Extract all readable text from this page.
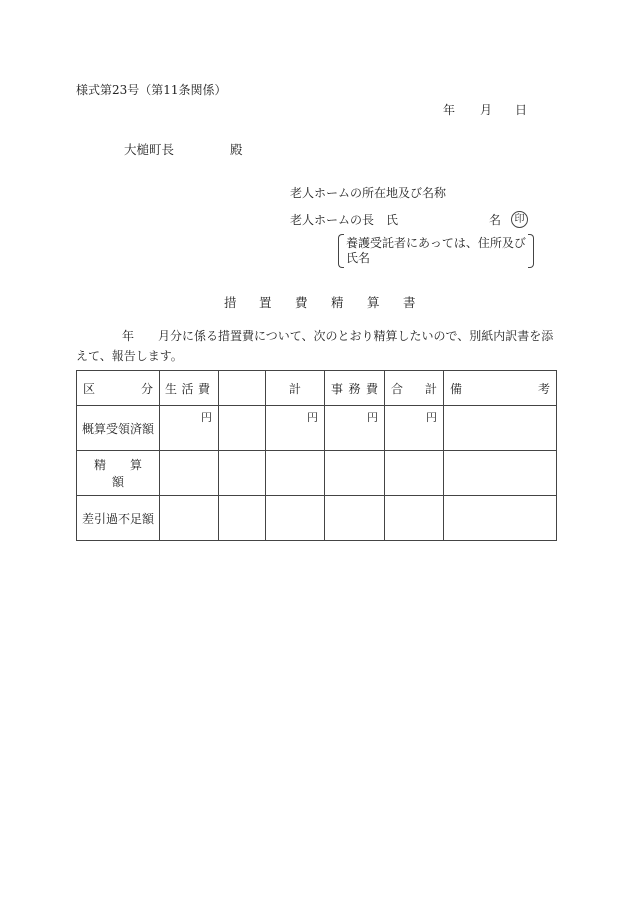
様式第23号（第11条関係）
年 月 日
大槌町長	殿
老人ホームの所在地及び名称
老人ホームの長　氏	名	印
養護受託者にあっては、住所及び氏名
措 置 費 精 算 書
年 月分に係る措置費について、次のとおり精算したいので、別紙内訳書を添
えて、報告します。
区 分	生 活 費		計	事 務 費	合 計	備 考

概算受領済額	円		円	円	円	

精　　算　　額						

差引過不足額						
